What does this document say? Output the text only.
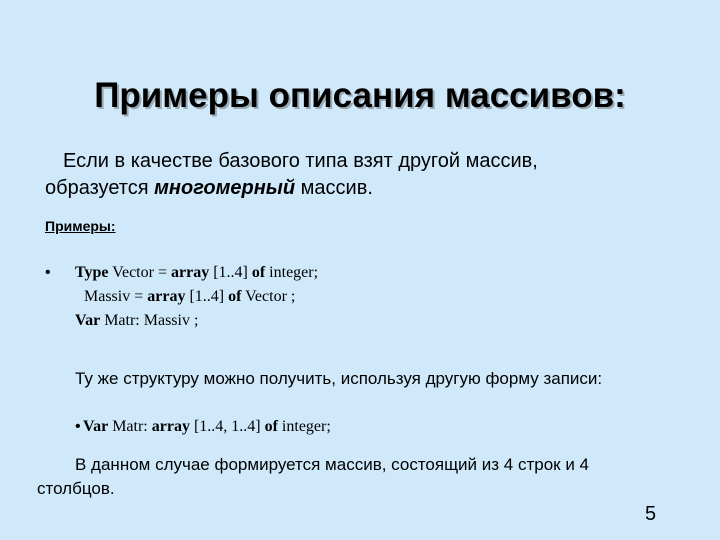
Примеры описания массивов:
Если в качестве базового типа взят другой массив,
образуется многомерный массив.
Примеры:
• Type Vector = array [1..4] of integer;
Massiv = array [1..4] of Vector ;
Var Matr: Massiv ;
Ту же структуру можно получить, используя другую форму записи:
• Var Matr: array [1..4, 1..4] of integer;
В данном случае формируется массив, состоящий из 4 строк и 4
столбцов.
5
